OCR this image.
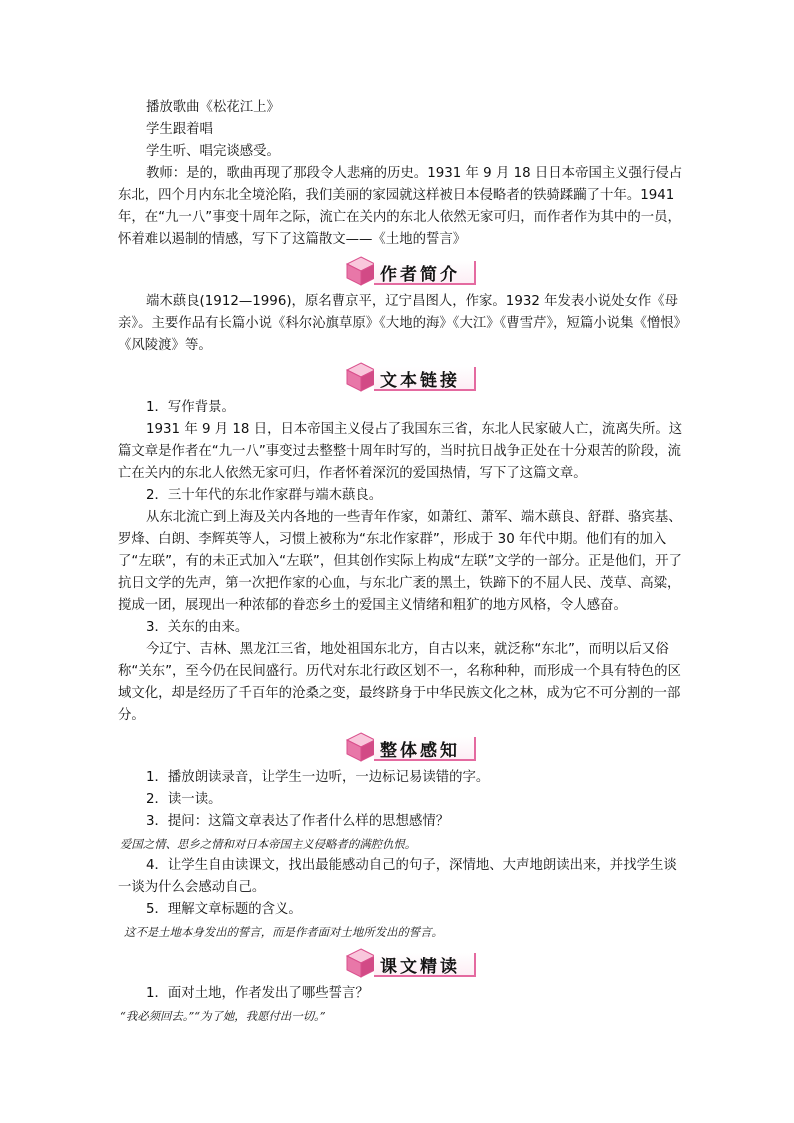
播放歌曲《松花江上》

学生跟着唱

学生听、唱完谈感受。

教师：是的，歌曲再现了那段令人悲痛的历史。1931 年 9 月 18 日日本帝国主义强行侵占东北，四个月内东北全境沦陷，我们美丽的家园就这样被日本侵略者的铁骑蹂躏了十年。1941 年，在“九一八”事变十周年之际，流亡在关内的东北人依然无家可归，而作者作为其中的一员，怀着难以遏制的情感，写下了这篇散文——《土地的誓言》

作者简介

端木蕻良(1912—1996)，原名曹京平，辽宁昌图人，作家。1932 年发表小说处女作《母亲》。主要作品有长篇小说《科尔沁旗草原》《大地的海》《大江》《曹雪芹》，短篇小说集《憎恨》《风陵渡》等。

文本链接

1．写作背景。

1931 年 9 月 18 日，日本帝国主义侵占了我国东三省，东北人民家破人亡，流离失所。这篇文章是作者在“九一八”事变过去整整十周年时写的，当时抗日战争正处在十分艰苦的阶段，流亡在关内的东北人依然无家可归，作者怀着深沉的爱国热情，写下了这篇文章。

2．三十年代的东北作家群与端木蕻良。

从东北流亡到上海及关内各地的一些青年作家，如萧红、萧军、端木蕻良、舒群、骆宾基、罗烽、白朗、李辉英等人，习惯上被称为“东北作家群”，形成于 30 年代中期。他们有的加入了“左联”，有的未正式加入“左联”，但其创作实际上构成“左联”文学的一部分。正是他们，开了抗日文学的先声，第一次把作家的心血，与东北广袤的黑土，铁蹄下的不屈人民、茂草、高粱，搅成一团，展现出一种浓郁的眷恋乡土的爱国主义情绪和粗犷的地方风格，令人感奋。

3．关东的由来。

今辽宁、吉林、黑龙江三省，地处祖国东北方，自古以来，就泛称“东北”，而明以后又俗称“关东”，至今仍在民间盛行。历代对东北行政区划不一，名称种种，而形成一个具有特色的区域文化，却是经历了千百年的沧桑之变，最终跻身于中华民族文化之林，成为它不可分割的一部分。

整体感知

1．播放朗读录音，让学生一边听，一边标记易读错的字。

2．读一读。

3．提问：这篇文章表达了作者什么样的思想感情？

爱国之情、思乡之情和对日本帝国主义侵略者的满腔仇恨。

4．让学生自由读课文，找出最能感动自己的句子，深情地、大声地朗读出来，并找学生谈一谈为什么会感动自己。

5．理解文章标题的含义。

这不是土地本身发出的誓言，而是作者面对土地所发出的誓言。

课文精读

1．面对土地，作者发出了哪些誓言？

“我必须回去。”“为了她，我愿付出一切。”
